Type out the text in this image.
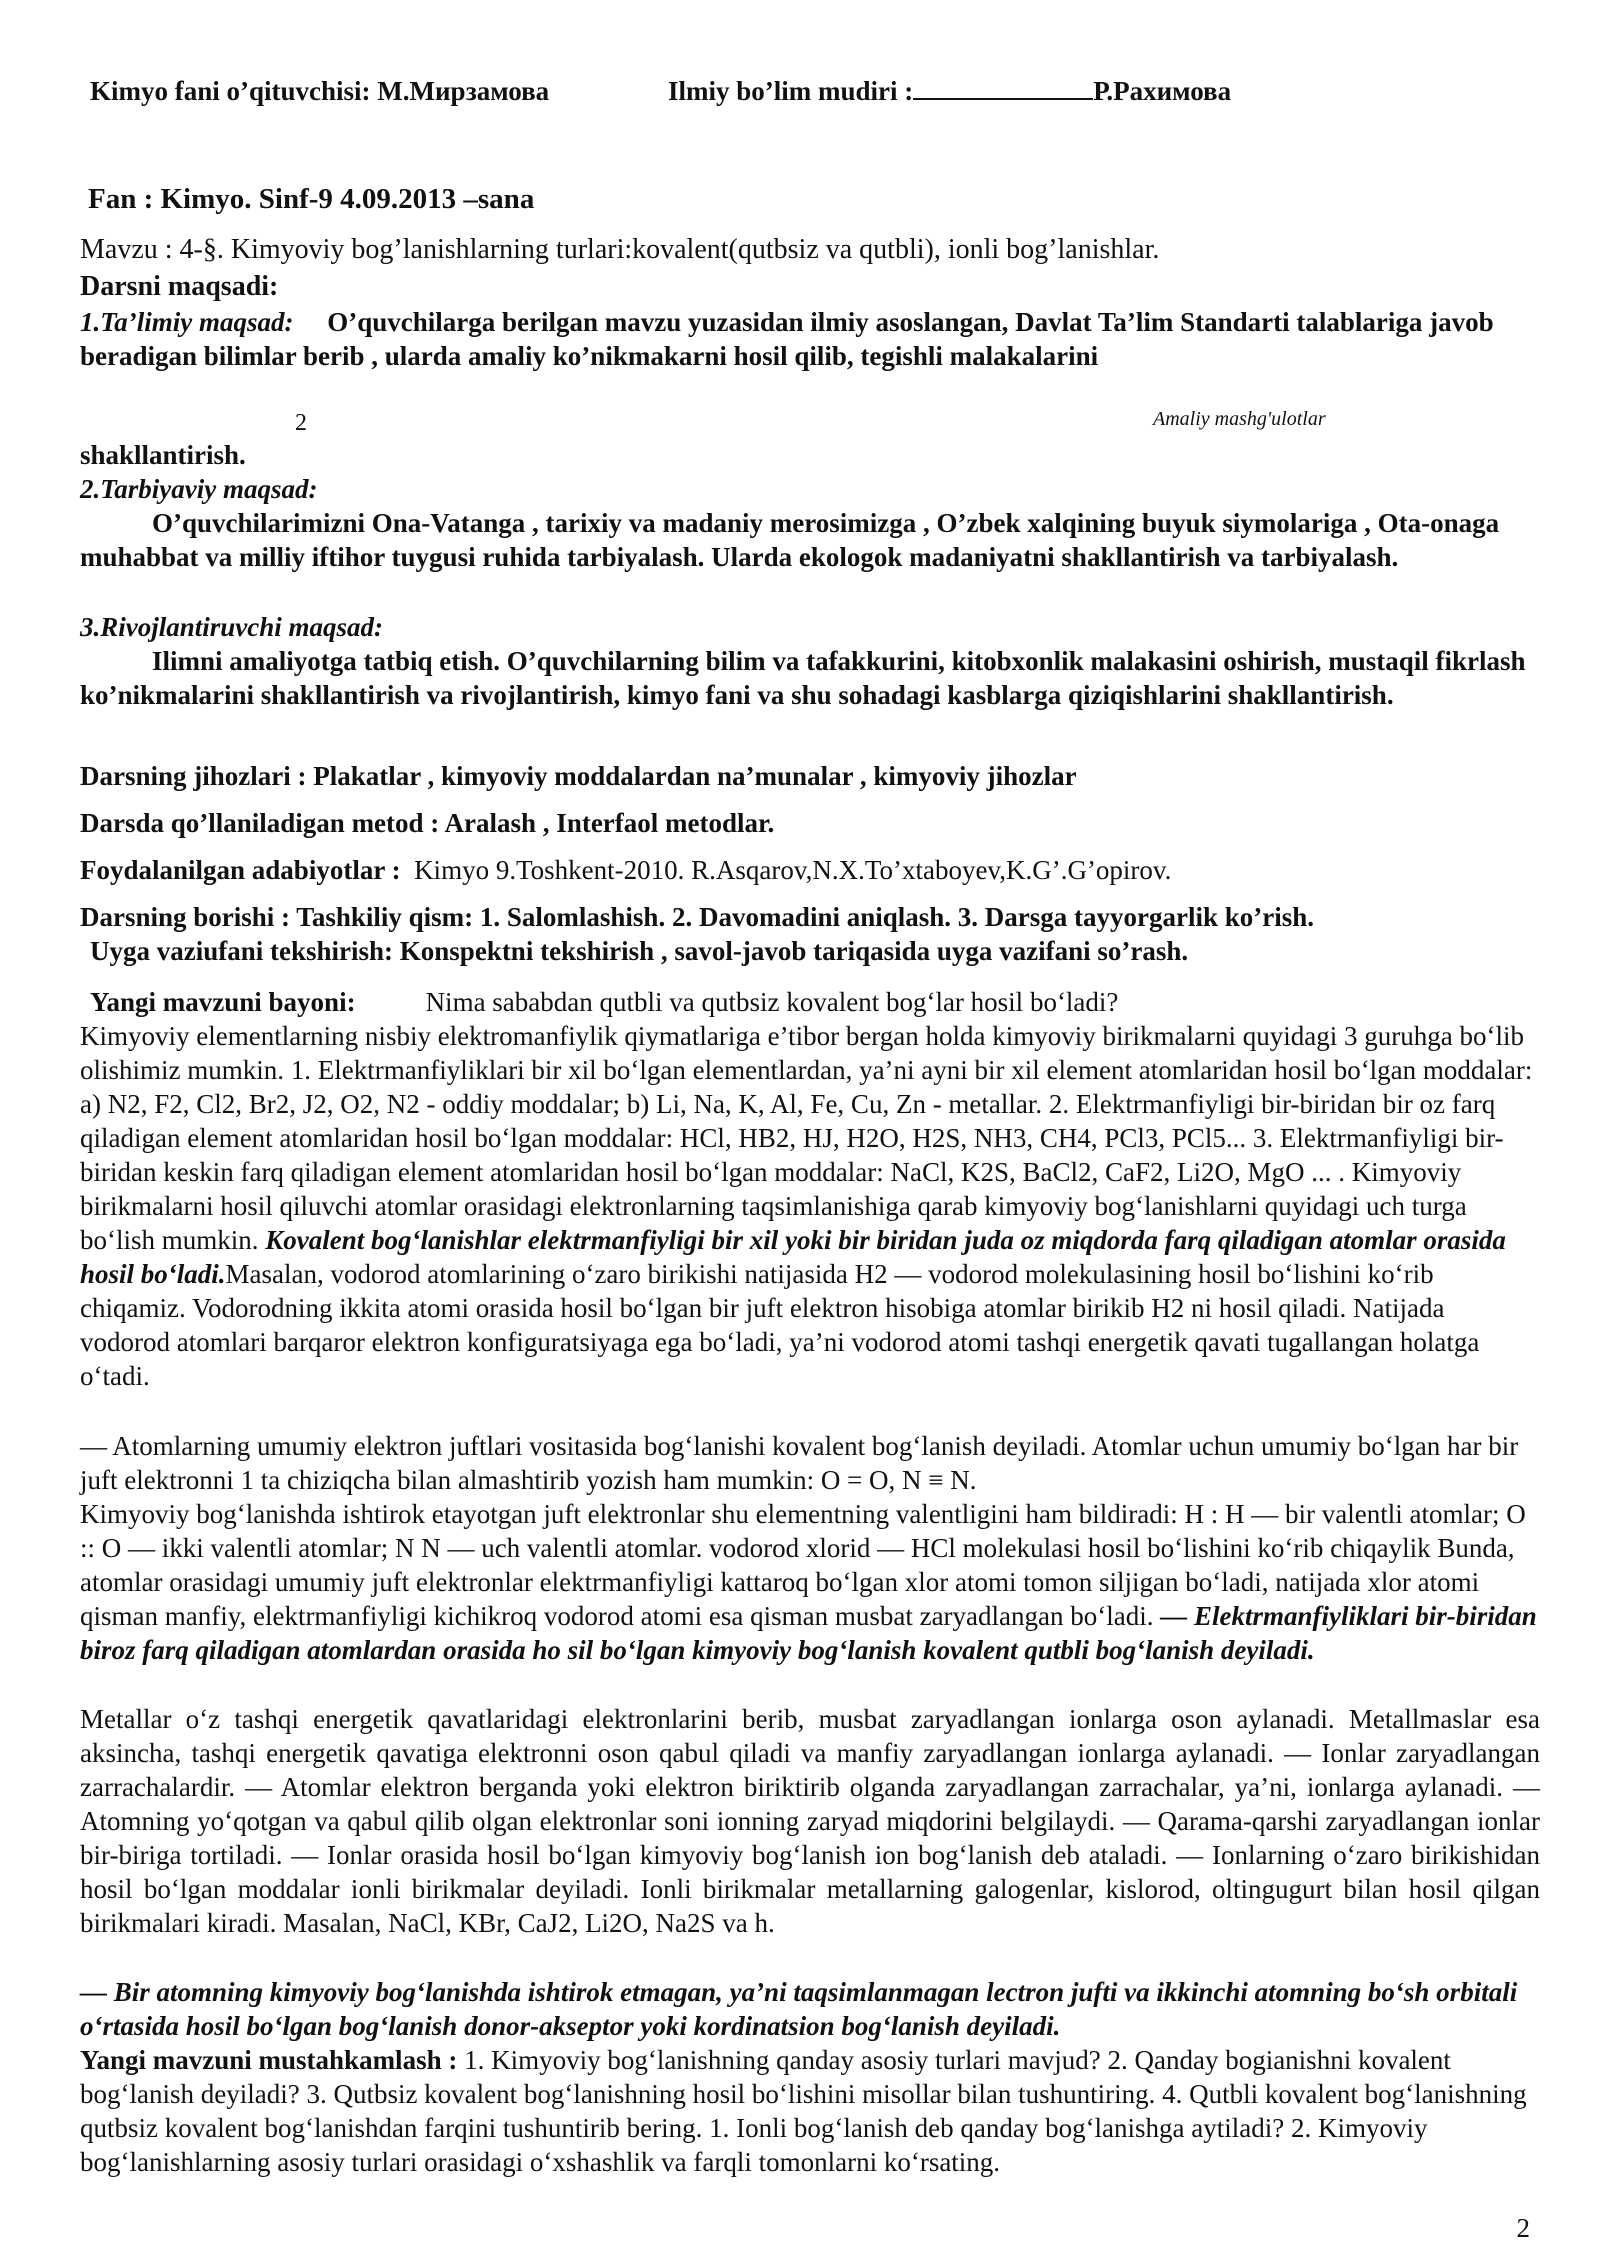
Kimyo fani o’qituvchisi: М.Мирзамова	Ilmiy bo’lim mudiri :	Р.Рахимова
Fan : Kimyo. Sinf-9 4.09.2013 –sana
Mavzu : 4-§. Kimyoviy bog’lanishlarning turlari:kovalent(qutbsiz va qutbli), ionli bog’lanishlar.
Darsni maqsadi:
1.Ta’limiy maqsad: O’quvchilarga berilgan mavzu yuzasidan ilmiy asoslangan, Davlat Ta’lim Standarti talablariga javob beradigan bilimlar berib , ularda amaliy ko’nikmakarni hosil qilib, tegishli malakalarini
2	Amaliy mashg'ulotlar
shakllantirish.
2.Tarbiyaviy maqsad:
O’quvchilarimizni Ona-Vatanga , tarixiy va madaniy merosimizga , O’zbek xalqining buyuk siymolariga , Ota-onaga muhabbat va milliy iftihor tuygusi ruhida tarbiyalash. Ularda ekologok madaniyatni shakllantirish va tarbiyalash.
3.Rivojlantiruvchi maqsad:
Ilimni amaliyotga tatbiq etish. O’quvchilarning bilim va tafakkurini, kitobxonlik malakasini oshirish, mustaqil fikrlash ko’nikmalarini shakllantirish va rivojlantirish, kimyo fani va shu sohadagi kasblarga qiziqishlarini shakllantirish.
Darsning jihozlari : Plakatlar , kimyoviy moddalardan na’munalar , kimyoviy jihozlar
Darsda qo’llaniladigan metod : Aralash , Interfaol metodlar.
Foydalanilgan adabiyotlar : Kimyo 9.Toshkent-2010. R.Asqarov,N.X.To’xtaboyev,K.G’.G’opirov.
Darsning borishi : Tashkiliy qism: 1. Salomlashish. 2. Davomadini aniqlash. 3. Darsga tayyorgarlik ko’rish.
Uyga vaziufani tekshirish: Konspektni tekshirish , savol-javob tariqasida uyga vazifani so’rash.
Yangi mavzuni bayoni:	Nima sababdan qutbli va qutbsiz kovalent bog‘lar hosil bo‘ladi?
Kimyoviy elementlarning nisbiy elektromanfiylik qiymatlariga e’tibor bergan holda kimyoviy birikmalarni quyidagi 3 guruhga bo‘lib olishimiz mumkin. 1. Elektrmanfiyliklari bir xil bo‘lgan elementlardan, ya’ni ayni bir xil element atomlaridan hosil bo‘lgan moddalar: a) N2, F2, Cl2, Br2, J2, O2, N2 - oddiy moddalar; b) Li, Na, K, Al, Fe, Cu, Zn - metallar. 2. Elektrmanfiyligi bir-biridan bir oz farq qiladigan element atomlaridan hosil bo‘lgan moddalar: HCl, HB2, HJ, H2O, H2S, NH3, CH4, PCl3, PCl5... 3. Elektrmanfiyligi bir-biridan keskin farq qiladigan element atomlaridan hosil bo‘lgan moddalar: NaCl, K2S, BaCl2, CaF2, Li2O, MgO ... . Kimyoviy birikmalarni hosil qiluvchi atomlar orasidagi elektronlarning taqsimlanishiga qarab kimyoviy bog‘lanishlarni quyidagi uch turga bo‘lish mumkin. Kovalent bog‘lanishlar elektrmanfiyligi bir xil yoki bir biridan juda oz miqdorda farq qiladigan atomlar orasida hosil bo‘ladi.Masalan, vodorod atomlarining o‘zaro birikishi natijasida H2 — vodorod molekulasining hosil bo‘lishini ko‘rib chiqamiz. Vodorodning ikkita atomi orasida hosil bo‘lgan bir juft elektron hisobiga atomlar birikib H2 ni hosil qiladi. Natijada vodorod atomlari barqaror elektron konfiguratsiyaga ega bo‘ladi, ya’ni vodorod atomi tashqi energetik qavati tugallangan holatga o‘tadi.
— Atomlarning umumiy elektron juftlari vositasida bog‘lanishi kovalent bog‘lanish deyiladi. Atomlar uchun umumiy bo‘lgan har bir juft elektronni 1 ta chiziqcha bilan almashtirib yozish ham mumkin: O = O, N ≡ N.
Kimyoviy bog‘lanishda ishtirok etayotgan juft elektronlar shu elementning valentligini ham bildiradi: H : H — bir valentli atomlar; O :: O — ikki valentli atomlar; N N — uch valentli atomlar. vodorod xlorid — HCl molekulasi hosil bo‘lishini ko‘rib chiqaylik Bunda, atomlar orasidagi umumiy juft elektronlar elektrmanfiyligi kattaroq bo‘lgan xlor atomi tomon siljigan bo‘ladi, natijada xlor atomi qisman manfiy, elektrmanfiyligi kichikroq vodorod atomi esa qisman musbat zaryadlangan bo‘ladi. — Elektrmanfiyliklari bir-biridan biroz farq qiladigan atomlardan orasida ho sil bo‘lgan kimyoviy bog‘lanish kovalent qutbli bog‘lanish deyiladi.
Metallar o‘z tashqi energetik qavatlaridagi elektronlarini berib, musbat zaryadlangan ionlarga oson aylanadi. Metallmaslar esa aksincha, tashqi energetik qavatiga elektronni oson qabul qiladi va manfiy zaryadlangan ionlarga aylanadi. — Ionlar zaryadlangan zarrachalardir. — Atomlar elektron berganda yoki elektron biriktirib olganda zaryadlangan zarrachalar, ya’ni, ionlarga aylanadi. — Atomning yo‘qotgan va qabul qilib olgan elektronlar soni ionning zaryad miqdorini belgilaydi. — Qarama-qarshi zaryadlangan ionlar bir-biriga tortiladi. — Ionlar orasida hosil bo‘lgan kimyoviy bog‘lanish ion bog‘lanish deb ataladi. — Ionlarning o‘zaro birikishidan hosil bo‘lgan moddalar ionli birikmalar deyiladi. Ionli birikmalar metallarning galogenlar, kislorod, oltingugurt bilan hosil qilgan birikmalari kiradi. Masalan, NaCl, KBr, CaJ2, Li2O, Na2S va h.
— Bir atomning kimyoviy bog‘lanishda ishtirok etmagan, ya’ni taqsimlanmagan lectron jufti va ikkinchi atomning bo‘sh orbitali o‘rtasida hosil bo‘lgan bog‘lanish donor-akseptor yoki kordinatsion bog‘lanish deyiladi.
Yangi mavzuni mustahkamlash : 1. Kimyoviy bog‘lanishning qanday asosiy turlari mavjud? 2. Qanday bogianishni kovalent bog‘lanish deyiladi? 3. Qutbsiz kovalent bog‘lanishning hosil bo‘lishini misollar bilan tushuntiring. 4. Qutbli kovalent bog‘lanishning qutbsiz kovalent bog‘lanishdan farqini tushuntirib bering. 1. Ionli bog‘lanish deb qanday bog‘lanishga aytiladi? 2. Kimyoviy bog‘lanishlarning asosiy turlari orasidagi o‘xshashlik va farqli tomonlarni ko‘rsating.
2
